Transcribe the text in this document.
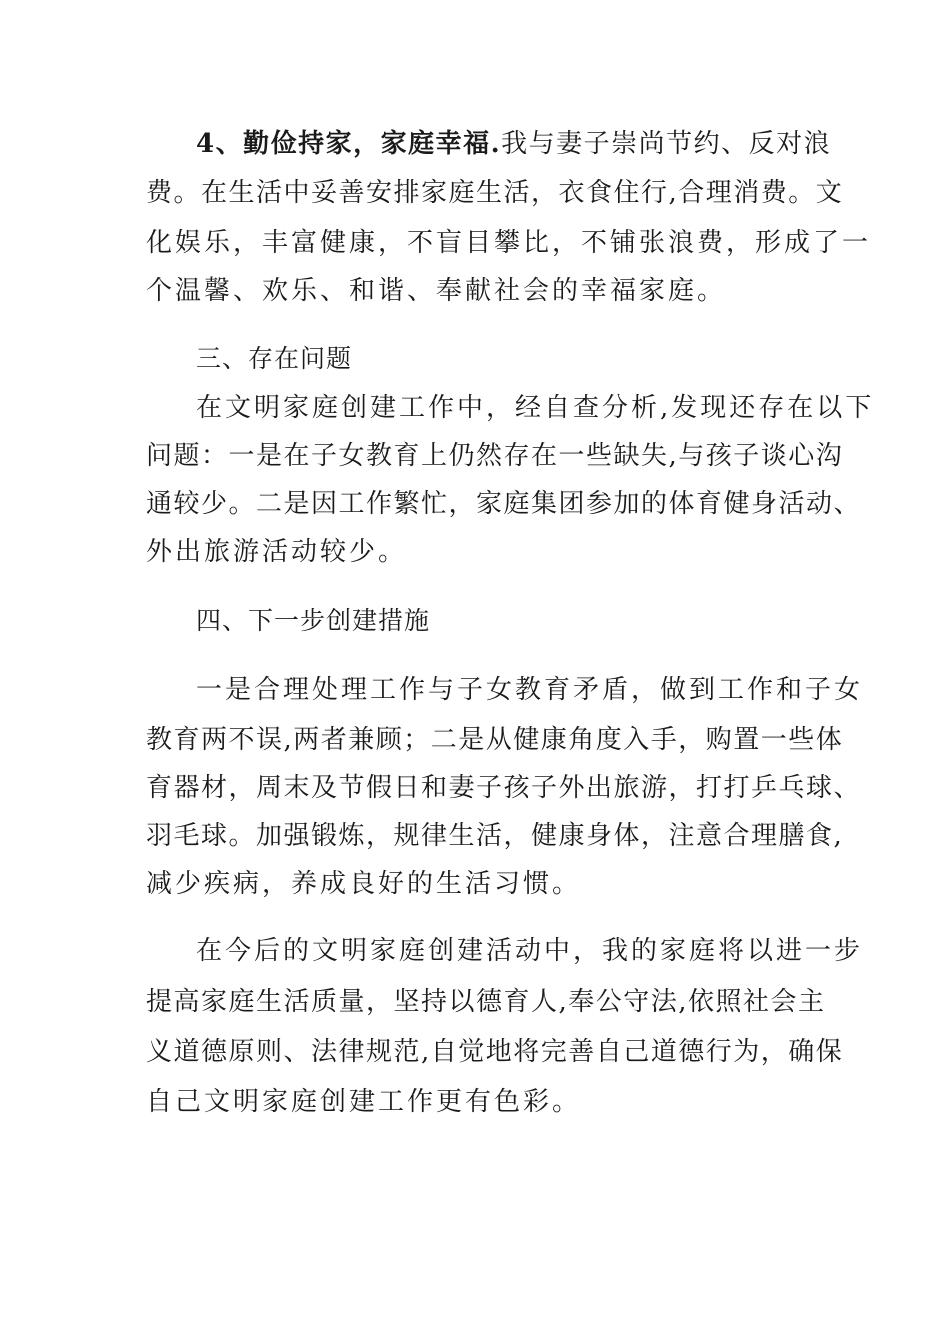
4、勤俭持家，家庭幸福.我与妻子崇尚节约、反对浪

费。在生活中妥善安排家庭生活，衣食住行,合理消费。文

化娱乐，丰富健康，不盲目攀比，不铺张浪费，形成了一

个温馨、欢乐、和谐、奉献社会的幸福家庭。

三、存在问题

在文明家庭创建工作中，经自查分析,发现还存在以下

问题：一是在子女教育上仍然存在一些缺失,与孩子谈心沟

通较少。二是因工作繁忙，家庭集团参加的体育健身活动、

外出旅游活动较少。

四、下一步创建措施

一是合理处理工作与子女教育矛盾，做到工作和子女

教育两不误,两者兼顾；二是从健康角度入手，购置一些体

育器材，周末及节假日和妻子孩子外出旅游，打打乒乓球、

羽毛球。加强锻炼，规律生活，健康身体，注意合理膳食,

减少疾病，养成良好的生活习惯。

在今后的文明家庭创建活动中，我的家庭将以进一步

提高家庭生活质量，坚持以德育人,奉公守法,依照社会主

义道德原则、法律规范,自觉地将完善自己道德行为，确保

自己文明家庭创建工作更有色彩。
